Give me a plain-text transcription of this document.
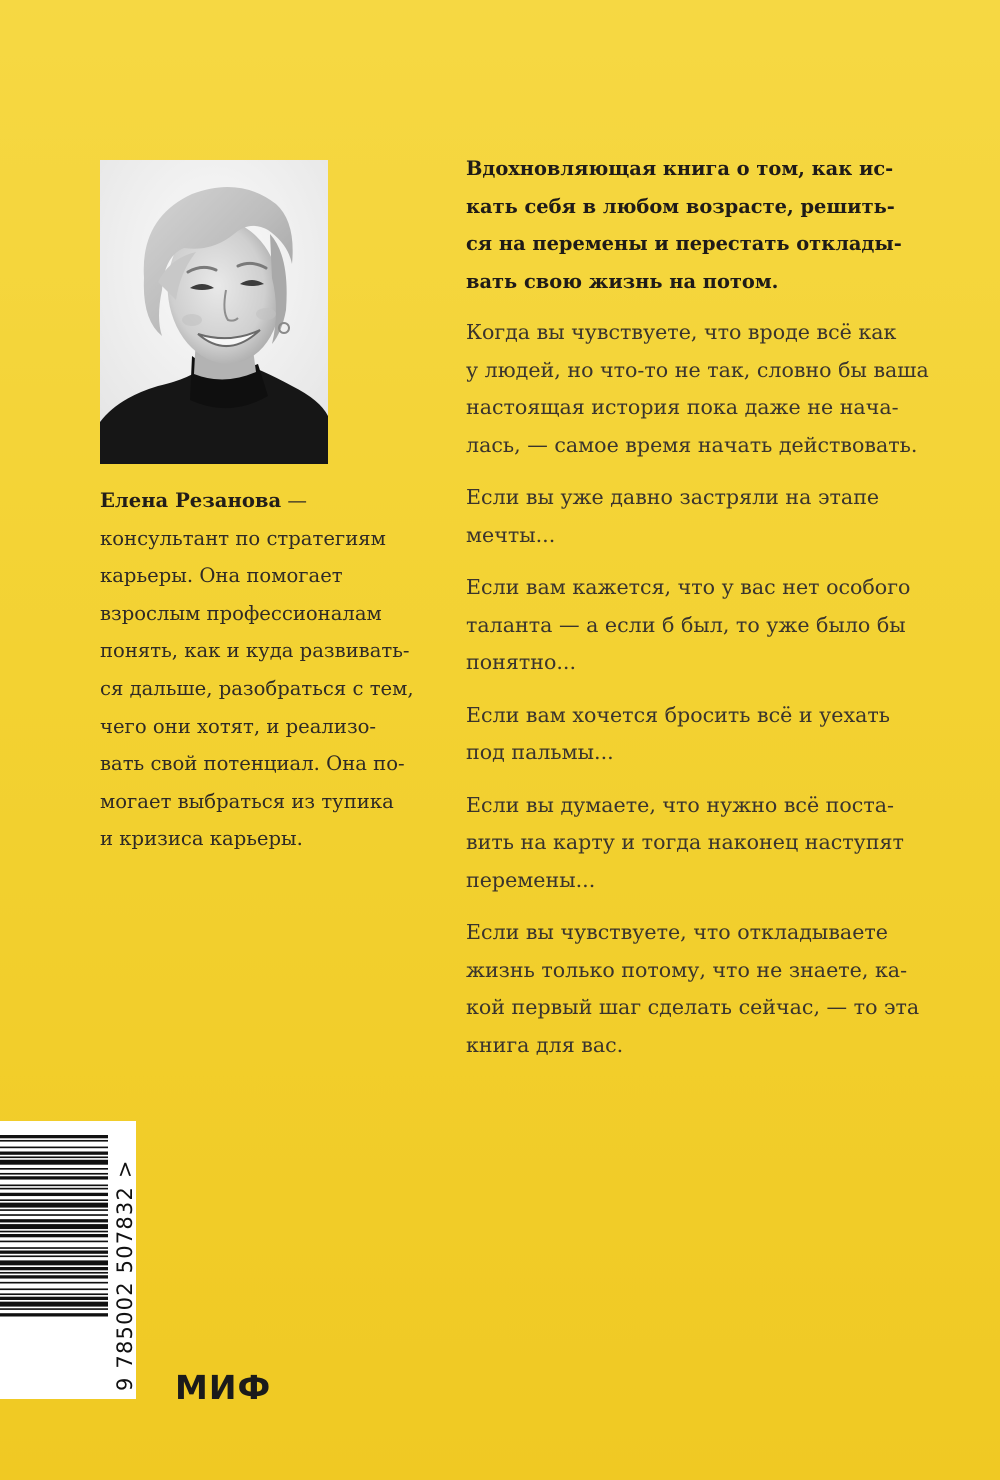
Елена Резанова —
консультант по стратегиям
карьеры. Она помогает
взрослым профессионалам
понять, как и куда развивать-
ся дальше, разобраться с тем,
чего они хотят, и реализо-
вать свой потенциал. Она по-
могает выбраться из тупика
и кризиса карьеры.
Вдохновляющая книга о том, как ис-
кать себя в любом возрасте, решить-
ся на перемены и перестать отклады-
вать свою жизнь на потом.
Когда вы чувствуете, что вроде всё как
у людей, но что-то не так, словно бы ваша
настоящая история пока даже не нача-
лась, — самое время начать действовать.
Если вы уже давно застряли на этапе
мечты...
Если вам кажется, что у вас нет особого
таланта — а если б был, то уже было бы
понятно...
Если вам хочется бросить всё и уехать
под пальмы...
Если вы думаете, что нужно всё поста-
вить на карту и тогда наконец наступят
перемены...
Если вы чувствуете, что откладываете
жизнь только потому, что не знаете, ка-
кой первый шаг сделать сейчас, — то эта
книга для вас.
9 785002 507832 > МИФ
